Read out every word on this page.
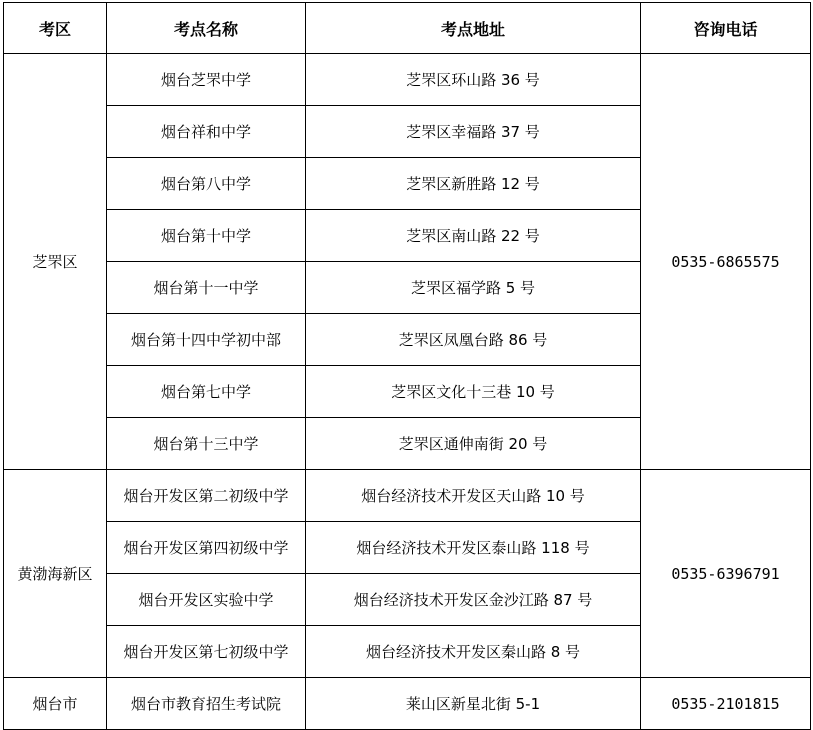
考区	考点名称	考点地址	咨询电话
芝罘区	烟台芝罘中学	芝罘区环山路 36 号	0535-6865575
	烟台祥和中学	芝罘区幸福路 37 号	
	烟台第八中学	芝罘区新胜路 12 号	
	烟台第十中学	芝罘区南山路 22 号	
	烟台第十一中学	芝罘区福学路 5 号	
	烟台第十四中学初中部	芝罘区凤凰台路 86 号	
	烟台第七中学	芝罘区文化十三巷 10 号	
	烟台第十三中学	芝罘区通伸南街 20 号	
黄渤海新区	烟台开发区第二初级中学	烟台经济技术开发区天山路 10 号	0535-6396791
	烟台开发区第四初级中学	烟台经济技术开发区泰山路 118 号	
	烟台开发区实验中学	烟台经济技术开发区金沙江路 87 号	
	烟台开发区第七初级中学	烟台经济技术开发区秦山路 8 号	
烟台市	烟台市教育招生考试院	莱山区新星北街 5-1	0535-2101815
